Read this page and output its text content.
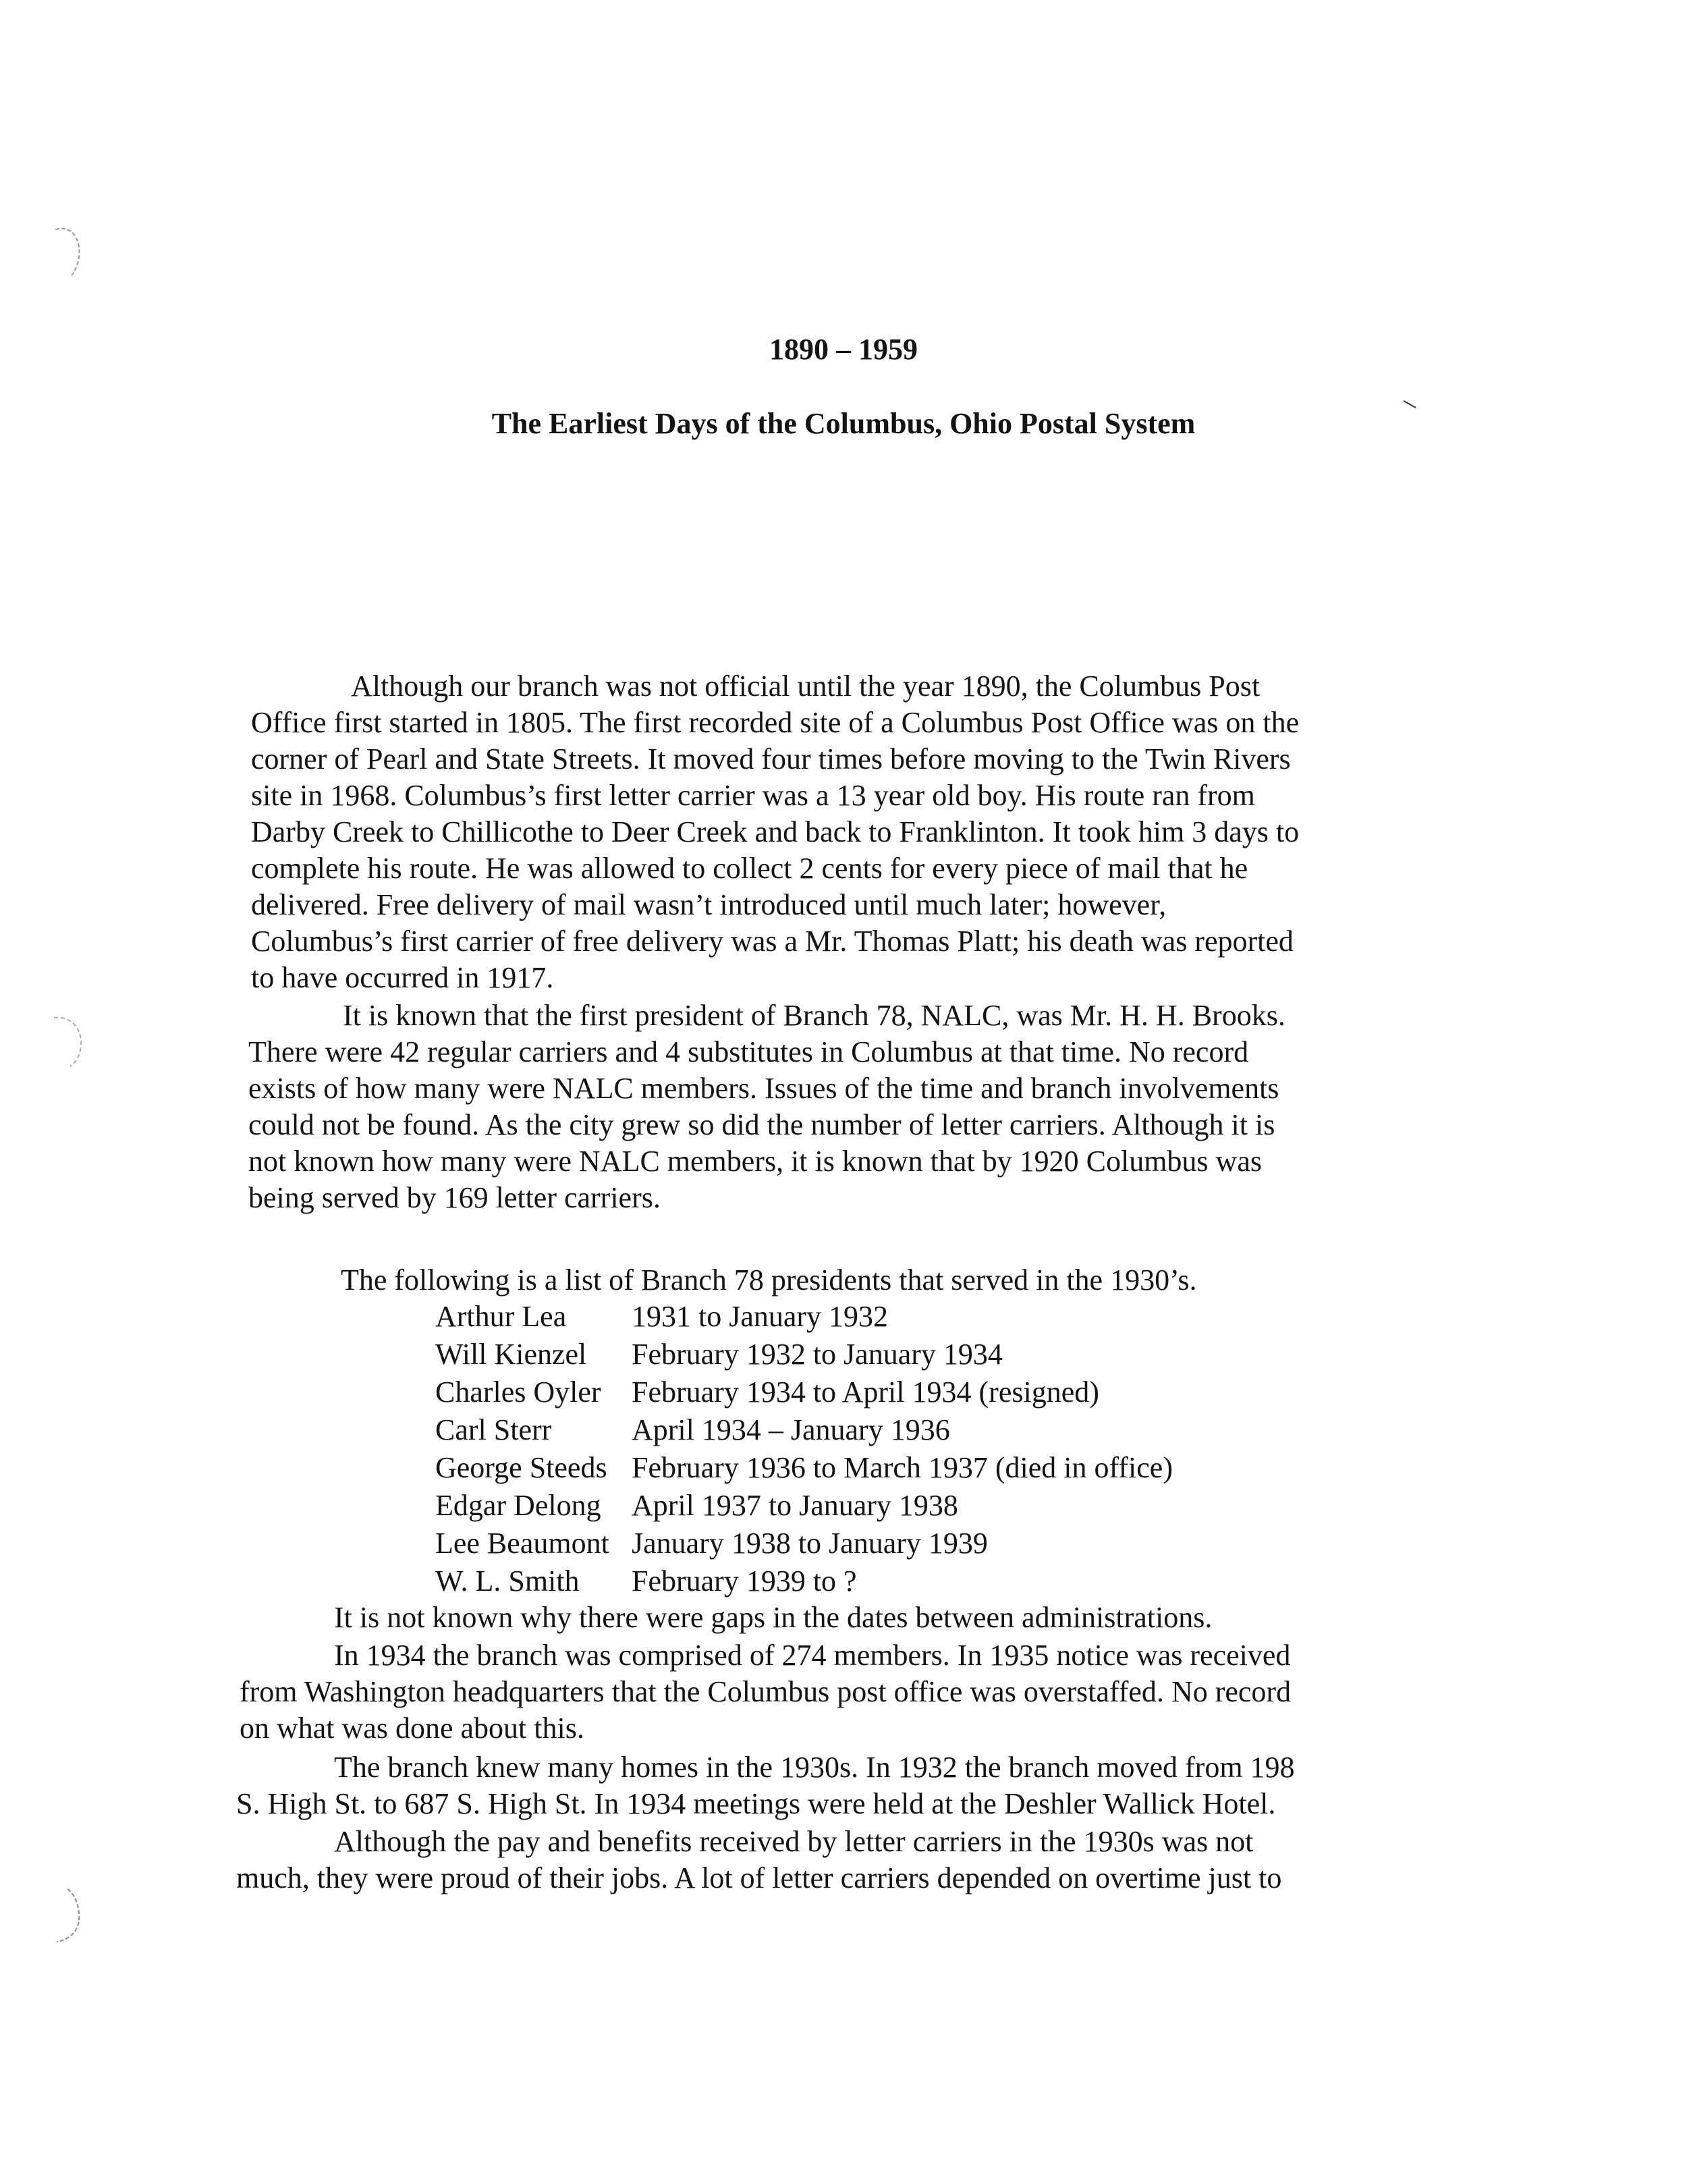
1890 – 1959
The Earliest Days of the Columbus, Ohio Postal System
Although our branch was not official until the year 1890, the Columbus Post
Office first started in 1805. The first recorded site of a Columbus Post Office was on the
corner of Pearl and State Streets. It moved four times before moving to the Twin Rivers
site in 1968. Columbus’s first letter carrier was a 13 year old boy. His route ran from
Darby Creek to Chillicothe to Deer Creek and back to Franklinton. It took him 3 days to
complete his route. He was allowed to collect 2 cents for every piece of mail that he
delivered. Free delivery of mail wasn’t introduced until much later; however,
Columbus’s first carrier of free delivery was a Mr. Thomas Platt; his death was reported
to have occurred in 1917.
It is known that the first president of Branch 78, NALC, was Mr. H. H. Brooks.
There were 42 regular carriers and 4 substitutes in Columbus at that time. No record
exists of how many were NALC members. Issues of the time and branch involvements
could not be found. As the city grew so did the number of letter carriers. Although it is
not known how many were NALC members, it is known that by 1920 Columbus was
being served by 169 letter carriers.
The following is a list of Branch 78 presidents that served in the 1930’s.
Arthur Lea 1931 to January 1932
Will Kienzel February 1932 to January 1934
Charles Oyler February 1934 to April 1934 (resigned)
Carl Sterr	April 1934 – January 1936
George Steeds February 1936 to March 1937 (died in office)
Edgar Delong April 1937 to January 1938
Lee Beaumont January 1938 to January 1939
W. L. Smith February 1939 to ?
It is not known why there were gaps in the dates between administrations.
In 1934 the branch was comprised of 274 members. In 1935 notice was received
from Washington headquarters that the Columbus post office was overstaffed. No record
on what was done about this.
The branch knew many homes in the 1930s. In 1932 the branch moved from 198
S. High St. to 687 S. High St. In 1934 meetings were held at the Deshler Wallick Hotel.
Although the pay and benefits received by letter carriers in the 1930s was not
much, they were proud of their jobs. A lot of letter carriers depended on overtime just to
